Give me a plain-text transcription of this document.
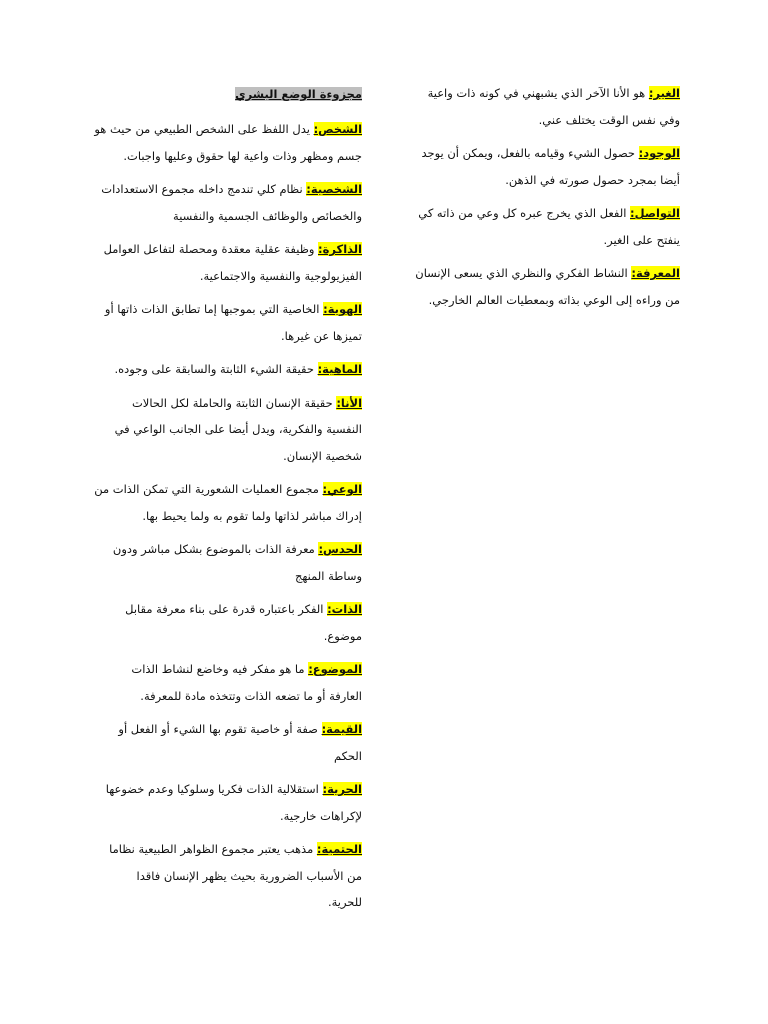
الغير: هو الأنا الآخر الذي يشبهني في كونه ذات واعية
وفي نفس الوقت يختلف عني.
الوجود: حصول الشيء وقيامه بالفعل، ويمكن أن يوجد
أيضا بمجرد حصول صورته في الذهن.
التواصل: الفعل الذي يخرج عبره كل وعي من ذاته كي
ينفتح على الغير.
المعرفة: النشاط الفكري والنظري الذي يسعى الإنسان
من وراءه إلى الوعي بذاته وبمعطيات العالم الخارجي.
مجزوءة الوضع البشري
الشخص: يدل اللفظ على الشخص الطبيعي من حيث هو
جسم ومظهر وذات واعية لها حقوق وعليها واجبات.
الشخصية: نظام كلي تندمج داخله مجموع الاستعدادات
والخصائص والوظائف الجسمية والنفسية
الذاكرة: وظيفة عقلية معقدة ومحصلة لتفاعل العوامل
الفيزيولوجية والنفسية والاجتماعية.
الهوية: الخاصية التي بموجبها إما تطابق الذات ذاتها أو
تميزها عن غيرها.
الماهية: حقيقة الشيء الثابتة والسابقة على وجوده.
الأنا: حقيقة الإنسان الثابتة والحاملة لكل الحالات
النفسية والفكرية، ويدل أيضا على الجانب الواعي في
شخصية الإنسان.
الوعي: مجموع العمليات الشعورية التي تمكن الذات من
إدراك مباشر لذاتها ولما تقوم به ولما يحيط بها.
الحدس: معرفة الذات بالموضوع بشكل مباشر ودون
وساطة المنهج
الذات: الفكر باعتباره قدرة على بناء معرفة مقابل
موضوع.
الموضوع: ما هو مفكر فيه وخاضع لنشاط الذات
العارفة أو ما تضعه الذات وتتخذه مادة للمعرفة.
القيمة: صفة أو خاصية تقوم بها الشيء أو الفعل أو
الحكم
الحرية: استقلالية الذات فكريا وسلوكيا وعدم خضوعها
لإكراهات خارجية.
الحتمية: مذهب يعتبر مجموع الظواهر الطبيعية نظاما
من الأسباب الضرورية بحيث يظهر الإنسان فاقدا
للحرية.
